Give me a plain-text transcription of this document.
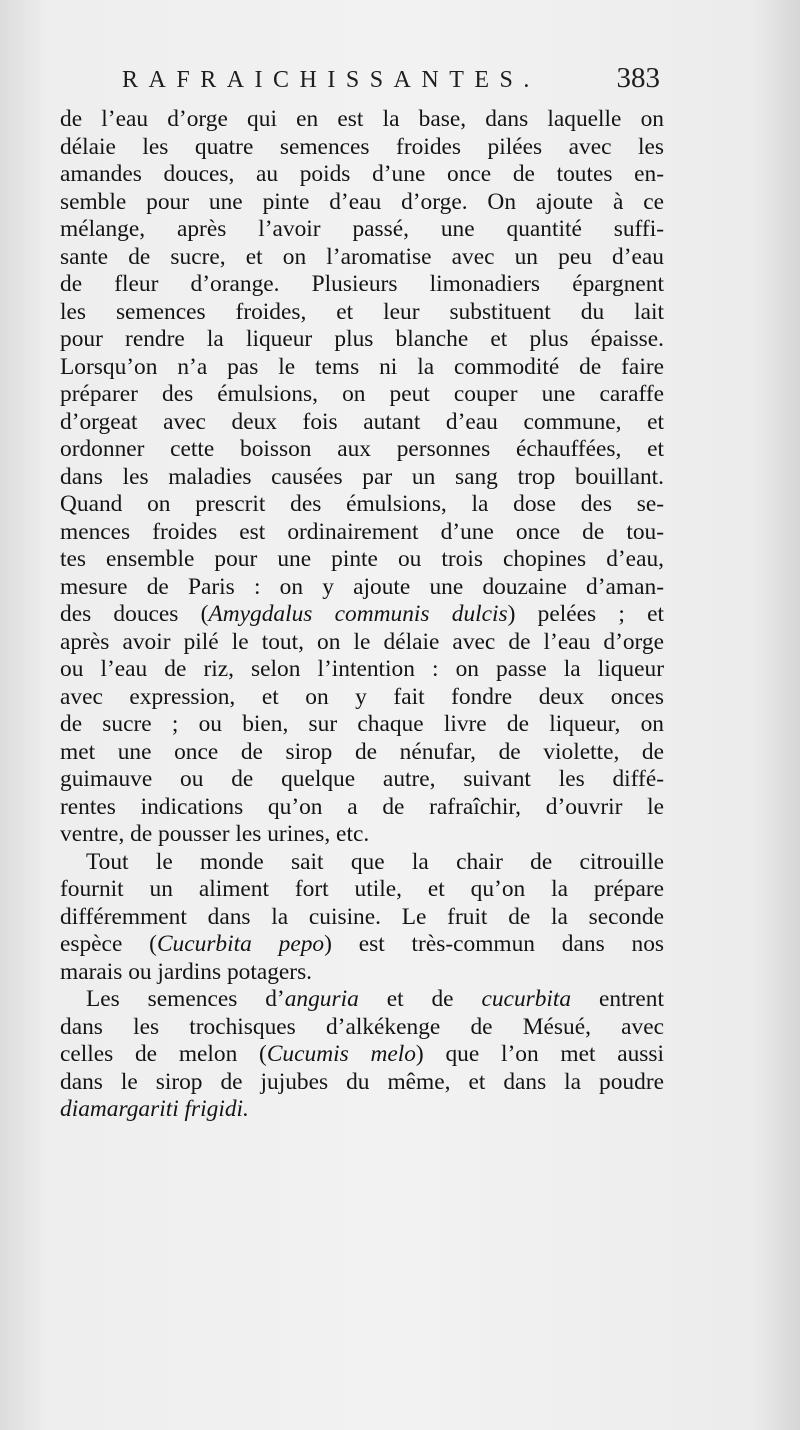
RAFRAICHISSANTES.	383
de l’eau d’orge qui en est la base, dans laquelle on
délaie les quatre semences froides pilées avec les
amandes douces, au poids d’une once de toutes en-
semble pour une pinte d’eau d’orge. On ajoute à ce
mélange, après l’avoir passé, une quantité suffi-
sante de sucre, et on l’aromatise avec un peu d’eau
de fleur d’orange. Plusieurs limonadiers épargnent
les semences froides, et leur substituent du lait
pour rendre la liqueur plus blanche et plus épaisse.
Lorsqu’on n’a pas le tems ni la commodité de faire
préparer des émulsions, on peut couper une caraffe
d’orgeat avec deux fois autant d’eau commune, et
ordonner cette boisson aux personnes échauffées, et
dans les maladies causées par un sang trop bouillant.
Quand on prescrit des émulsions, la dose des se-
mences froides est ordinairement d’une once de tou-
tes ensemble pour une pinte ou trois chopines d’eau,
mesure de Paris : on y ajoute une douzaine d’aman-
des douces (Amygdalus communis dulcis) pelées ; et
après avoir pilé le tout, on le délaie avec de l’eau d’orge
ou l’eau de riz, selon l’intention : on passe la liqueur
avec expression, et on y fait fondre deux onces
de sucre ; ou bien, sur chaque livre de liqueur, on
met une once de sirop de nénufar, de violette, de
guimauve ou de quelque autre, suivant les diffé-
rentes indications qu’on a de rafraîchir, d’ouvrir le
ventre, de pousser les urines, etc.
Tout le monde sait que la chair de citrouille
fournit un aliment fort utile, et qu’on la prépare
différemment dans la cuisine. Le fruit de la seconde
espèce (Cucurbita pepo) est très-commun dans nos
marais ou jardins potagers.
Les semences d’anguria et de cucurbita entrent
dans les trochisques d’alkékenge de Mésué, avec
celles de melon (Cucumis melo) que l’on met aussi
dans le sirop de jujubes du même, et dans la poudre
diamargariti frigidi.
